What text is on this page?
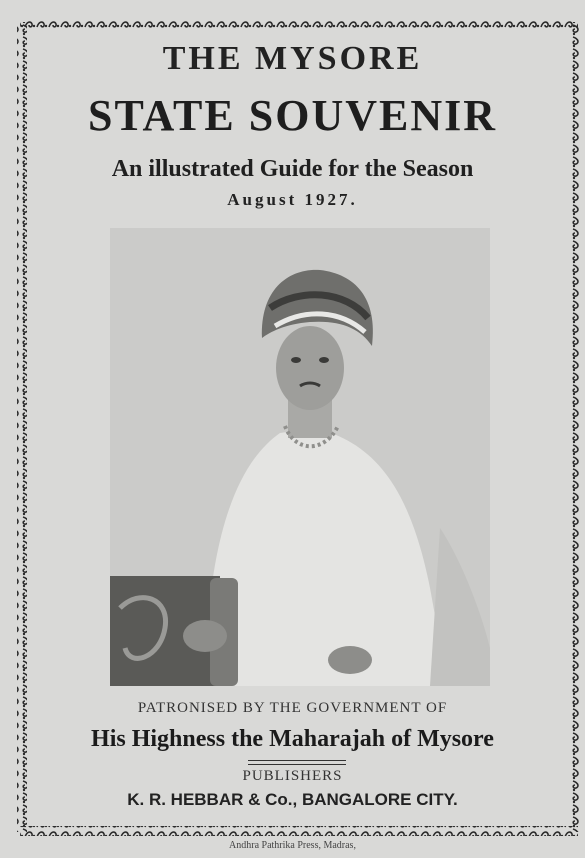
THE MYSORE
STATE SOUVENIR
An illustrated Guide for the Season
August 1927.
PATRONISED BY THE GOVERNMENT OF
His Highness the Maharajah of Mysore
PUBLISHERS
K. R. HEBBAR & Co., BANGALORE CITY.
Andhra Pathrika Press, Madras,
